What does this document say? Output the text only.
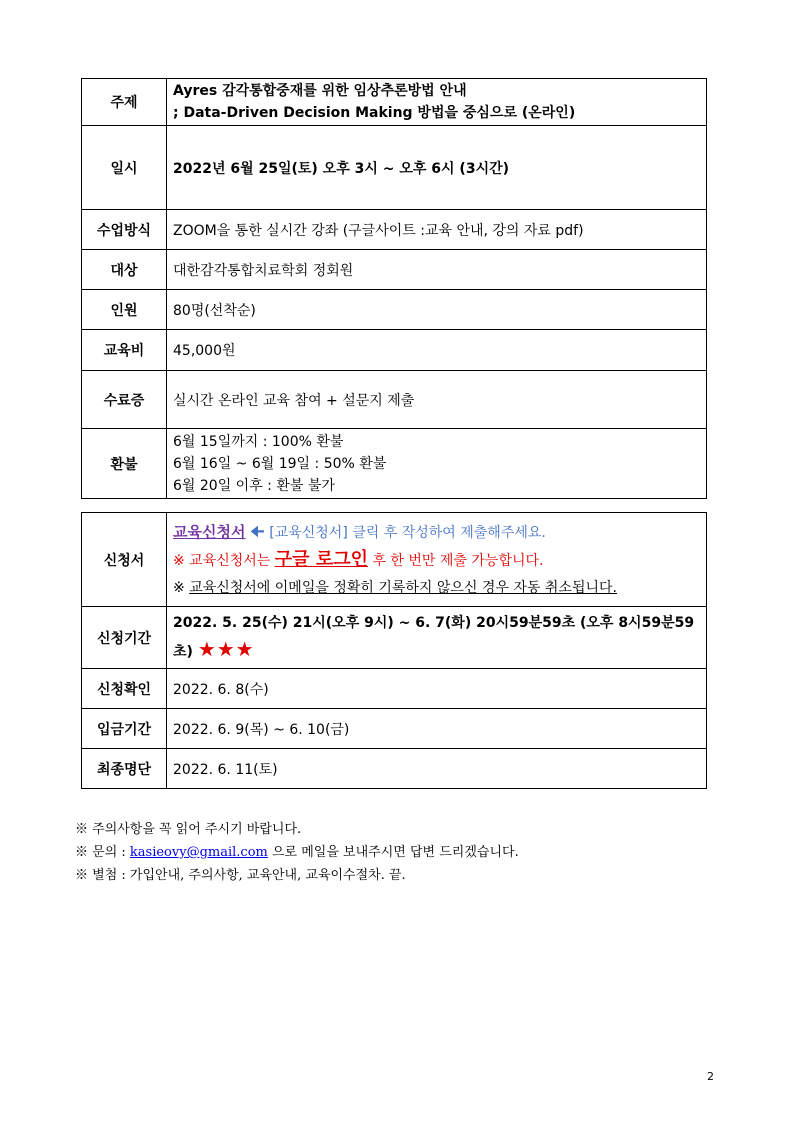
주제	Ayres 감각통합중재를 위한 임상추론방법 안내
; Data-Driven Decision Making 방법을 중심으로 (온라인)

일시	2022년 6월 25일(토) 오후 3시 ~ 오후 6시 (3시간)
수업방식	ZOOM을 통한 실시간 강좌 (구글사이트 :교육 안내, 강의 자료 pdf)
대상	대한감각통합치료학회 정회원
인원	80명(선착순)
교육비	45,000원
수료증	실시간 온라인 교육 참여 + 설문지 제출
환불	6월 15일까지 : 100% 환불
6월 16일 ~ 6월 19일 : 50% 환불
6월 20일 이후 : 환불 불가
신청서	교육신청서 🠈 [교육신청서] 클릭 후 작성하여 제출해주세요.
※ 교육신청서는 구글 로그인 후 한 번만 제출 가능합니다.
※ 교육신청서에 이메일을 정확히 기록하지 않으신 경우 자동 취소됩니다.

신청기간	2022. 5. 25(수) 21시(오후 9시) ~ 6. 7(화) 20시59분59초 (오후 8시59분59초) ★★★
신청확인	2022. 6. 8(수)
입금기간	2022. 6. 9(목) ~ 6. 10(금)
최종명단	2022. 6. 11(토)
※ 주의사항을 꼭 읽어 주시기 바랍니다.
※ 문의 : kasieovy@gmail.com 으로 메일을 보내주시면 답변 드리겠습니다.
※ 별첨 : 가입안내, 주의사항, 교육안내, 교육이수절차. 끝.
2
